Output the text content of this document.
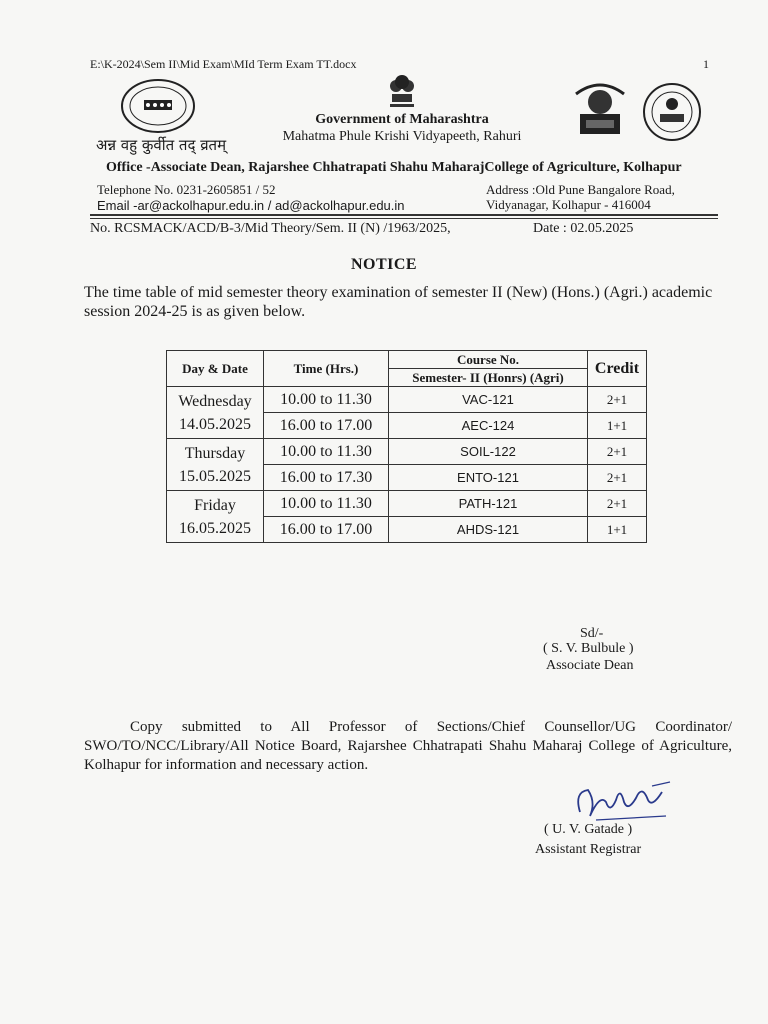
E:\K-2024\Sem II\Mid Exam\MId Term Exam TT.docx	1
अन्न वहु कुर्वीत तद् व्रतम्
Government of Maharashtra
Mahatma Phule Krishi Vidyapeeth, Rahuri
Office -Associate Dean, Rajarshee Chhatrapati Shahu MaharajCollege of Agriculture, Kolhapur
Telephone No. 0231-2605851 / 52
Email -ar@ackolhapur.edu.in / ad@ackolhapur.edu.in
Address :Old Pune Bangalore Road,
Vidyanagar, Kolhapur - 416004
No. RCSMACK/ACD/B-3/Mid Theory/Sem. II (N) /1963/2025,	Date : 02.05.2025
NOTICE
The time table of mid semester theory examination of semester II (New) (Hons.) (Agri.) academic session 2024-25 is as given below.
Day & Date	Time (Hrs.)	Course No.	Credit
		Semester- II (Honrs) (Agri)	

Wednesday
14.05.2025	10.00 to 11.30	VAC-121	2+1
	16.00 to 17.00	AEC-124	1+1

Thursday
15.05.2025	10.00 to 11.30	SOIL-122	2+1
	16.00 to 17.30	ENTO-121	2+1

Friday
16.05.2025	10.00 to 11.30	PATH-121	2+1
	16.00 to 17.00	AHDS-121	1+1
Sd/-
( S. V. Bulbule )
Associate Dean
Copy submitted to All Professor of Sections/Chief Counsellor/UG Coordinator/ SWO/TO/NCC/Library/All Notice Board, Rajarshee Chhatrapati Shahu Maharaj College of Agriculture, Kolhapur for information and necessary action.
( U. V. Gatade )
Assistant Registrar
